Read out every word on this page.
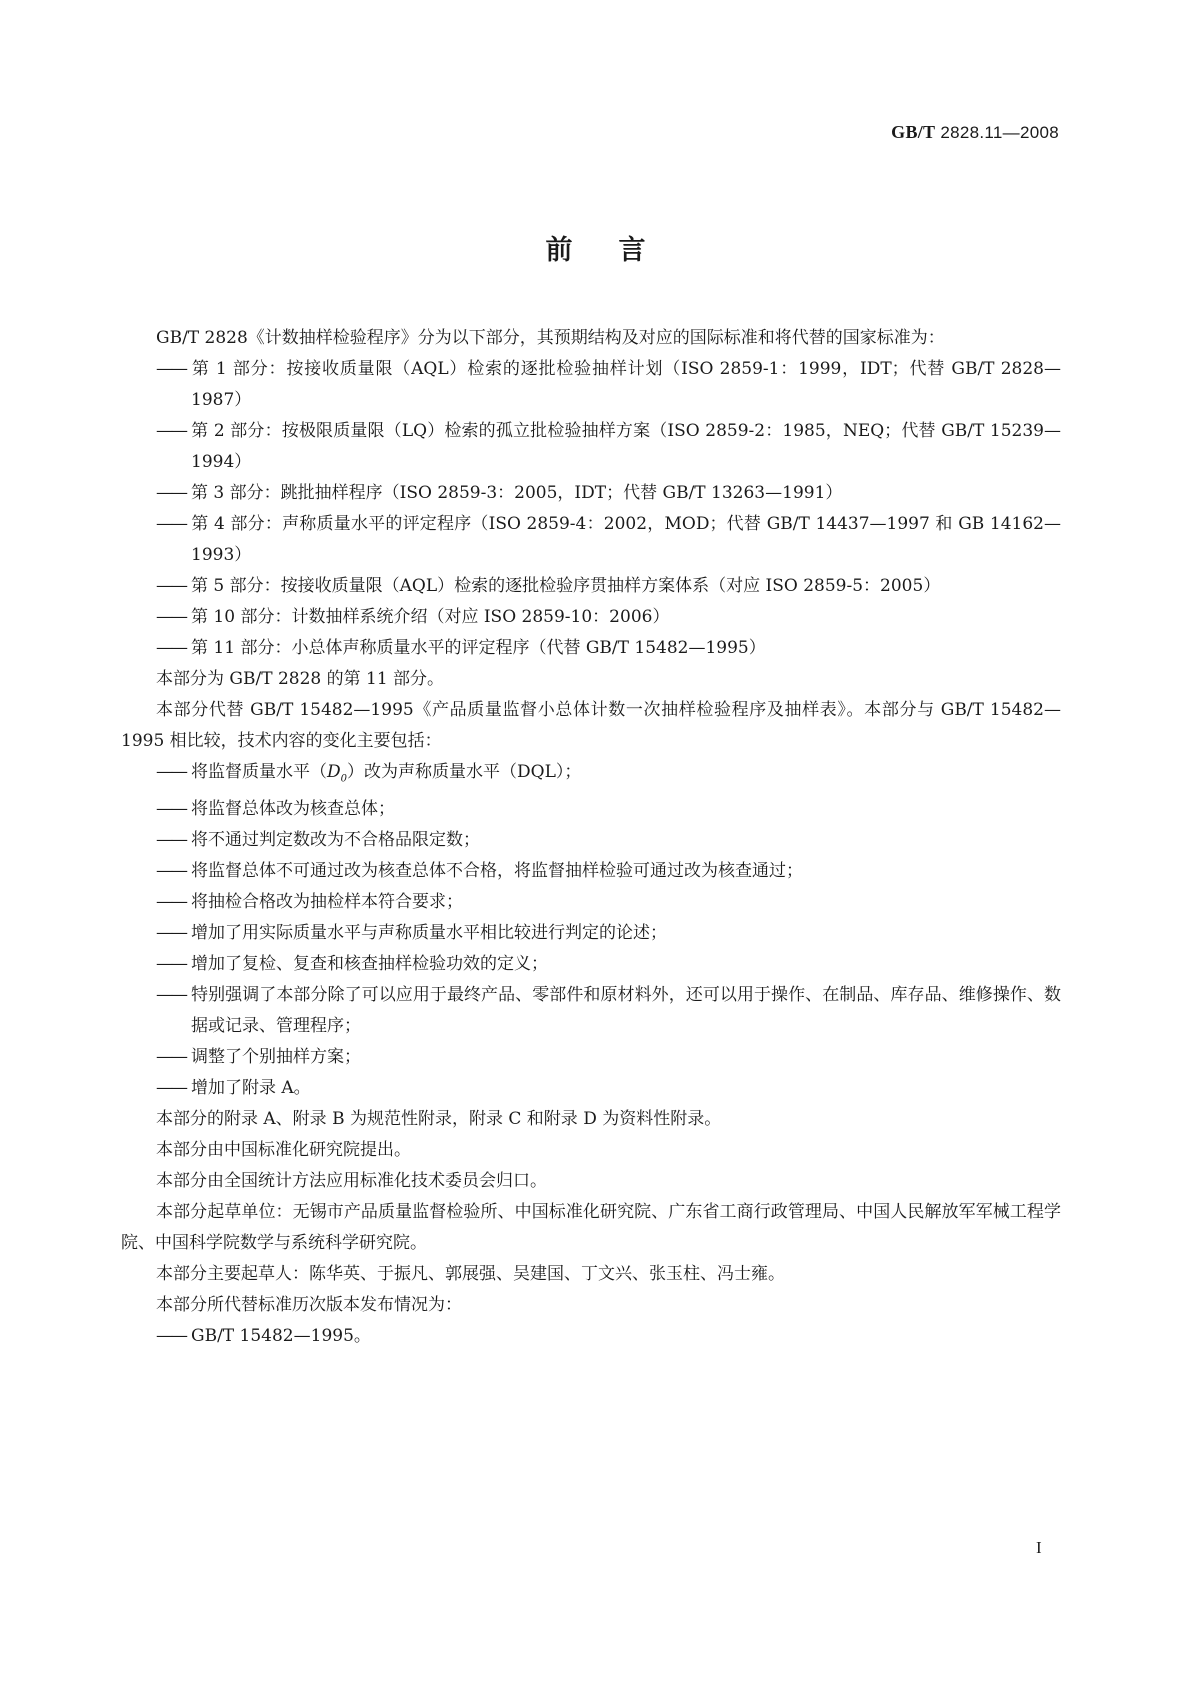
GB/T 2828.11—2008
前 言

GB/T 2828《计数抽样检验程序》分为以下部分，其预期结构及对应的国际标准和将代替的国家标准为：

—— 第 1 部分：按接收质量限（AQL）检索的逐批检验抽样计划（ISO 2859-1：1999，IDT；代替 GB/T 2828—1987）
—— 第 2 部分：按极限质量限（LQ）检索的孤立批检验抽样方案（ISO 2859-2：1985，NEQ；代替 GB/T 15239—1994）
—— 第 3 部分：跳批抽样程序（ISO 2859-3：2005，IDT；代替 GB/T 13263—1991）
—— 第 4 部分：声称质量水平的评定程序（ISO 2859-4：2002，MOD；代替 GB/T 14437—1997 和 GB 14162—1993）
—— 第 5 部分：按接收质量限（AQL）检索的逐批检验序贯抽样方案体系（对应 ISO 2859-5：2005）
—— 第 10 部分：计数抽样系统介绍（对应 ISO 2859-10：2006）
—— 第 11 部分：小总体声称质量水平的评定程序（代替 GB/T 15482—1995）

本部分为 GB/T 2828 的第 11 部分。

本部分代替 GB/T 15482—1995《产品质量监督小总体计数一次抽样检验程序及抽样表》。本部分与 GB/T 15482—1995 相比较，技术内容的变化主要包括：

—— 将监督质量水平$(D_0)$改为声称质量水平（DQL）；
—— 将监督总体改为核查总体；
—— 将不通过判定数改为不合格品限定数；
—— 将监督总体不可通过改为核查总体不合格，将监督抽样检验可通过改为核查通过；
—— 将抽检合格改为抽检样本符合要求；
—— 增加了用实际质量水平与声称质量水平相比较进行判定的论述；
—— 增加了复检、复查和核查抽样检验功效的定义；
—— 特别强调了本部分除了可以应用于最终产品、零部件和原材料外，还可以用于操作、在制品、库存品、维修操作、数据或记录、管理程序；
—— 调整了个别抽样方案；
—— 增加了附录 A。

本部分的附录 A、附录 B 为规范性附录，附录 C 和附录 D 为资料性附录。

本部分由中国标准化研究院提出。

本部分由全国统计方法应用标准化技术委员会归口。

本部分起草单位：无锡市产品质量监督检验所、中国标准化研究院、广东省工商行政管理局、中国人民解放军军械工程学院、中国科学院数学与系统科学研究院。

本部分主要起草人：陈华英、于振凡、郭展强、吴建国、丁文兴、张玉柱、冯士雍。

本部分所代替标准历次版本发布情况为：

—— GB/T 15482—1995。
I
